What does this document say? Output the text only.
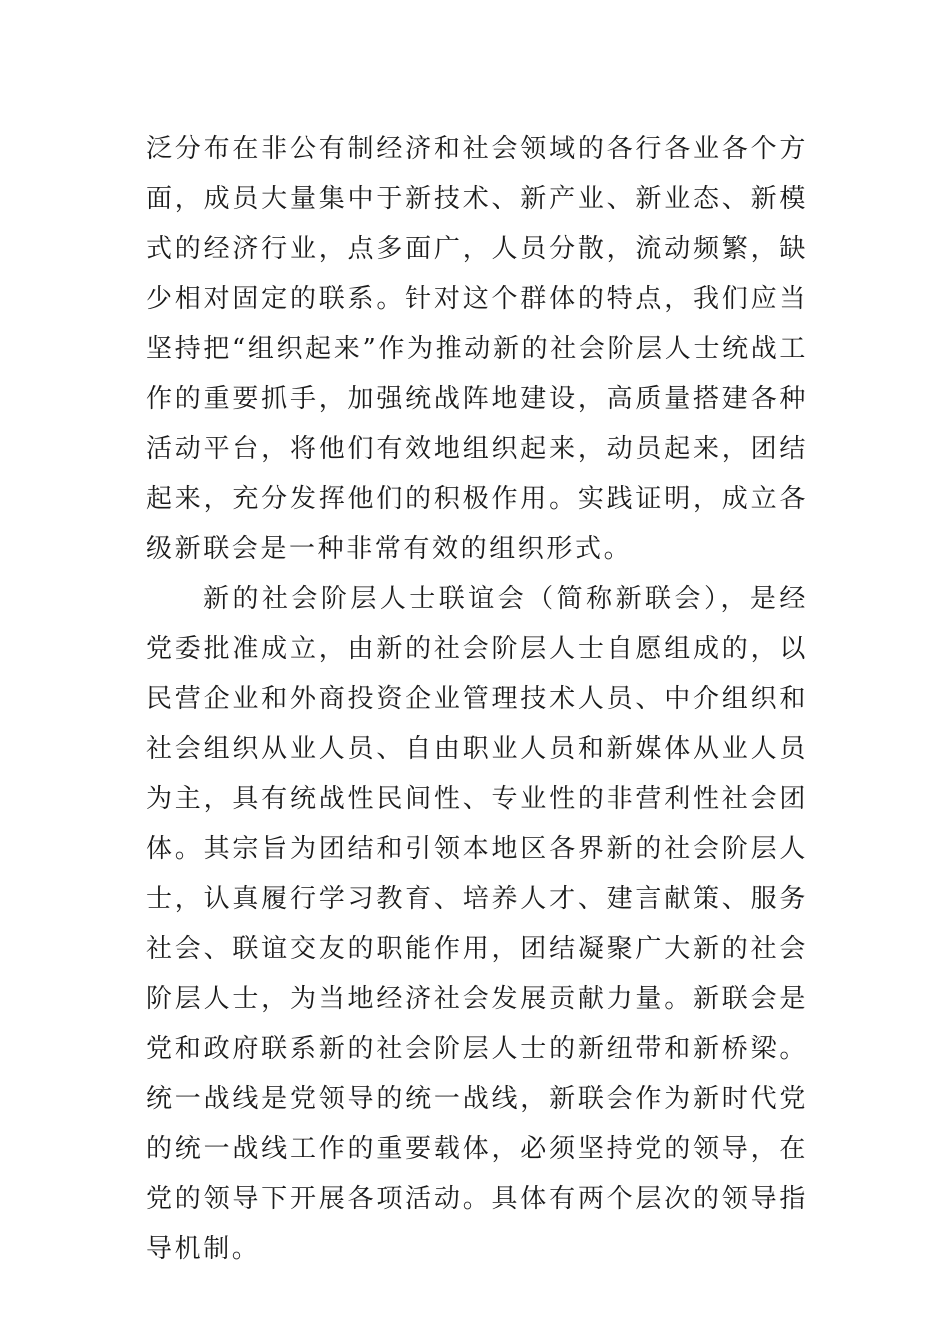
泛分布在非公有制经济和社会领域的各行各业各个方面，成员大量集中于新技术、新产业、新业态、新模式的经济行业，点多面广，人员分散，流动频繁，缺少相对固定的联系。针对这个群体的特点，我们应当坚持把“组织起来”作为推动新的社会阶层人士统战工作的重要抓手，加强统战阵地建设，高质量搭建各种活动平台，将他们有效地组织起来，动员起来，团结起来，充分发挥他们的积极作用。实践证明，成立各级新联会是一种非常有效的组织形式。

新的社会阶层人士联谊会（简称新联会），是经党委批准成立，由新的社会阶层人士自愿组成的，以民营企业和外商投资企业管理技术人员、中介组织和社会组织从业人员、自由职业人员和新媒体从业人员为主，具有统战性民间性、专业性的非营利性社会团体。其宗旨为团结和引领本地区各界新的社会阶层人士，认真履行学习教育、培养人才、建言献策、服务社会、联谊交友的职能作用，团结凝聚广大新的社会阶层人士，为当地经济社会发展贡献力量。新联会是党和政府联系新的社会阶层人士的新纽带和新桥梁。统一战线是党领导的统一战线，新联会作为新时代党的统一战线工作的重要载体，必须坚持党的领导，在党的领导下开展各项活动。具体有两个层次的领导指导机制。
